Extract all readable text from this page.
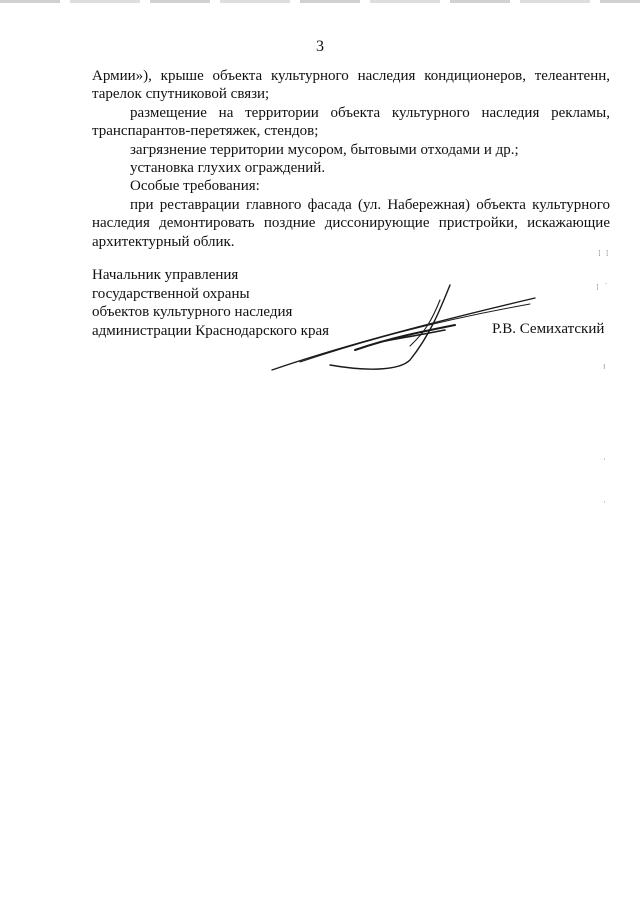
3

Армии»), крыше объекта культурного наследия кондиционеров, телеантенн,

тарелок спутниковой связи;

размещение на территории объекта культурного наследия рекламы,

транспарантов-перетяжек, стендов;

загрязнение территории мусором, бытовыми отходами и др.;

установка глухих ограждений.

Особые требования:

при реставрации главного фасада (ул. Набережная) объекта культурного

наследия демонтировать поздние диссонирующие пристройки, искажающие

архитектурный облик.

Начальник управления
государственной охраны
объектов культурного наследия
администрации Краснодарского края	Р.В. Семихатский
⁞ ⁞
⁞ ˙
ı
·
·
